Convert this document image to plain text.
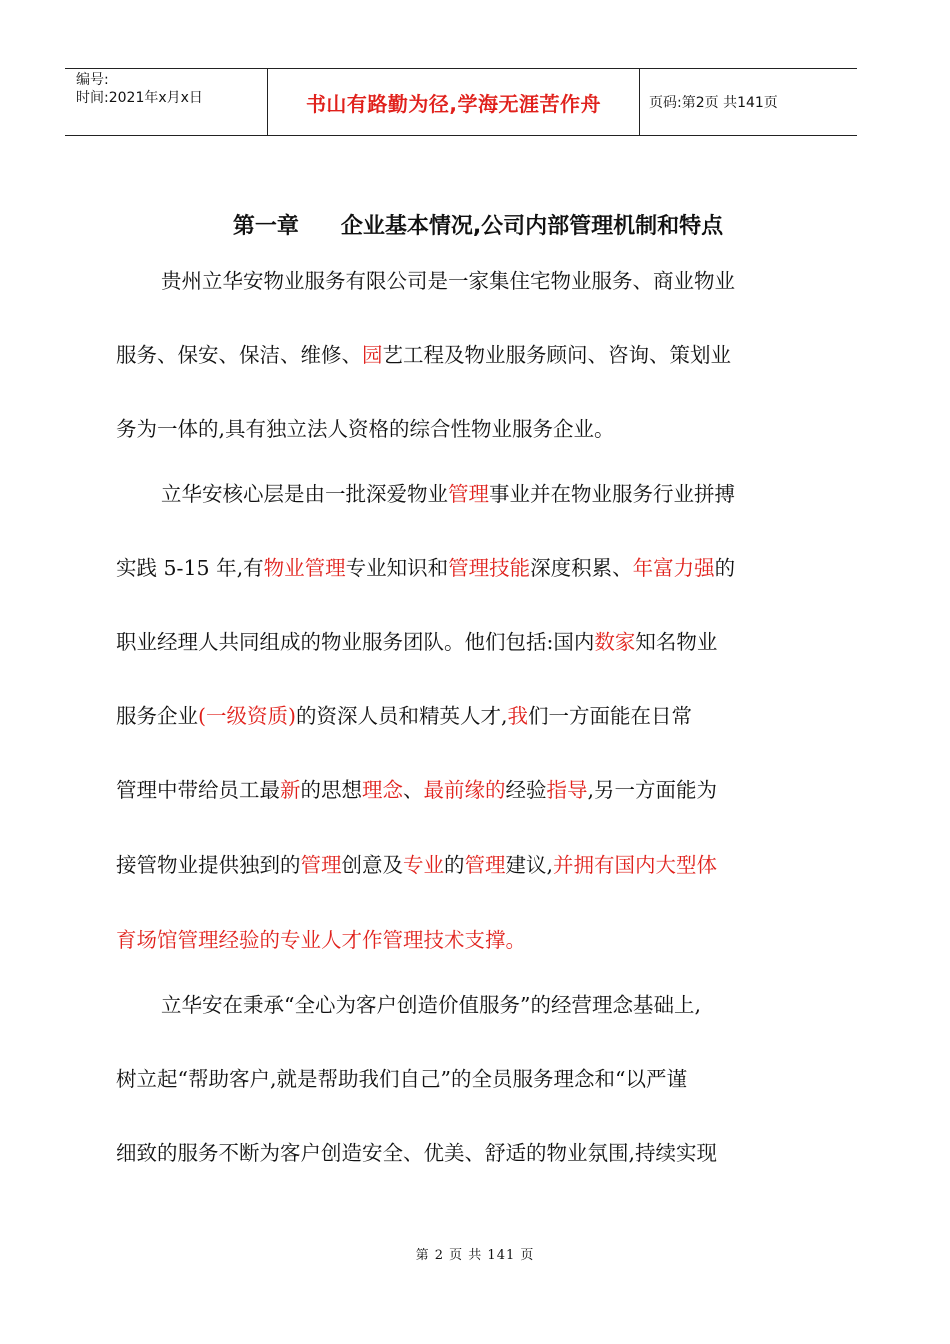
编号:
时间:2021年x月x日	书山有路勤为径,学海无涯苦作舟	页码:第2页 共141页
第一章 企业基本情况,公司内部管理机制和特点
贵州立华安物业服务有限公司是一家集住宅物业服务、商业物业
服务、保安、保洁、维修、园艺工程及物业服务顾问、咨询、策划业
务为一体的,具有独立法人资格的综合性物业服务企业。
立华安核心层是由一批深爱物业管理事业并在物业服务行业拼搏
实践 5-15 年,有物业管理专业知识和管理技能深度积累、年富力强的
职业经理人共同组成的物业服务团队。他们包括:国内数家知名物业
服务企业(一级资质)的资深人员和精英人才,我们一方面能在日常
管理中带给员工最新的思想理念、最前缘的经验指导,另一方面能为
接管物业提供独到的管理创意及专业的管理建议,并拥有国内大型体
育场馆管理经验的专业人才作管理技术支撑。
立华安在秉承“全心为客户创造价值服务”的经营理念基础上,
树立起“帮助客户,就是帮助我们自己”的全员服务理念和“以严谨
细致的服务不断为客户创造安全、优美、舒适的物业氛围,持续实现
第 2 页 共 141 页
